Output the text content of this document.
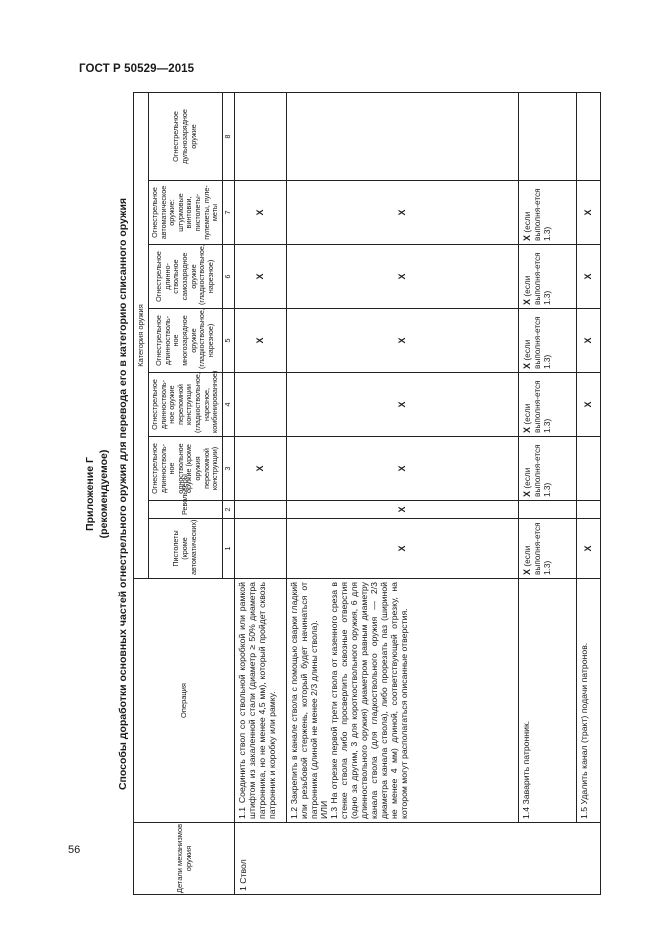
ГОСТ Р 50529—2015
56
Приложение Г (рекомендуемое) Способы доработки основных частей огнестрельного оружия для перевода его в категорию списанного оружия
Детали механизмов оружия	Операция	Категория оружия							
		Пистолеты (кроме автоматических)	Револьверы	Огнестрельное длинностволь-ное одноствольное оружие (кроме оружия переломной конструкции)	Огнестрельное длинностволь-ное оружие переломной конструкции (гладкоствольное, нарезное, комбинированное)	Огнестрельное длинностволь-ное многозарядное оружие (гладкоствольное, нарезное)	Огнестрельное длинно-ствольное самозарядное оружие (гладкоствольное, нарезное)	Огнестрельное автоматическое оружие: штурмовые винтовки, пистолеты-пулеметы, пуле-меты	Огнестрельное дульнозарядное оружие
		1	2	3	4	5	6	7	8
1 Ствол	1.1 Соединить ствол со ствольной коробкой или рамкой штифтом из закаленной стали (диаметр ≥ 50% диаметра патронника, но не менее 4,5 мм), который пройдет сквозь патронник и коробку или рамку.			X		X	X	X	

	1.2 Закрепить в канале ствола с помощью сварки гладкий или резьбовой стержень, который будет начинаться от патронника (длиной не менее 2/3 длины ствола). ИЛИ 1.3 На отрезке первой трети ствола от казенного среза в стенке ствола либо просверлить сквозные отверстия (одно за другим, 3 для короткоствольного оружия, 6 для длинноствольного оружия) диаметром равным диаметру канала ствола (для гладкоствольного оружия — 2/3 диаметра канала ствола), либо прорезать паз (шириной не менее 4 мм) длиной, соответствующей отрезку, на котором могут располагаться описанные отверстия.	X	X	X	X	X	X	X	
	1.4 Заварить патронник.	X (если выполня-ется 1.3)		X (если выполня-ется 1.3)	X (если выполня-ется 1.3)	X (если выполня-ется 1.3)	X (если выполня-ется 1.3)	X (если выполня-ется 1.3)	
	1.5 Удалить канал (тракт) подачи патронов.	X			X	X	X	X	
